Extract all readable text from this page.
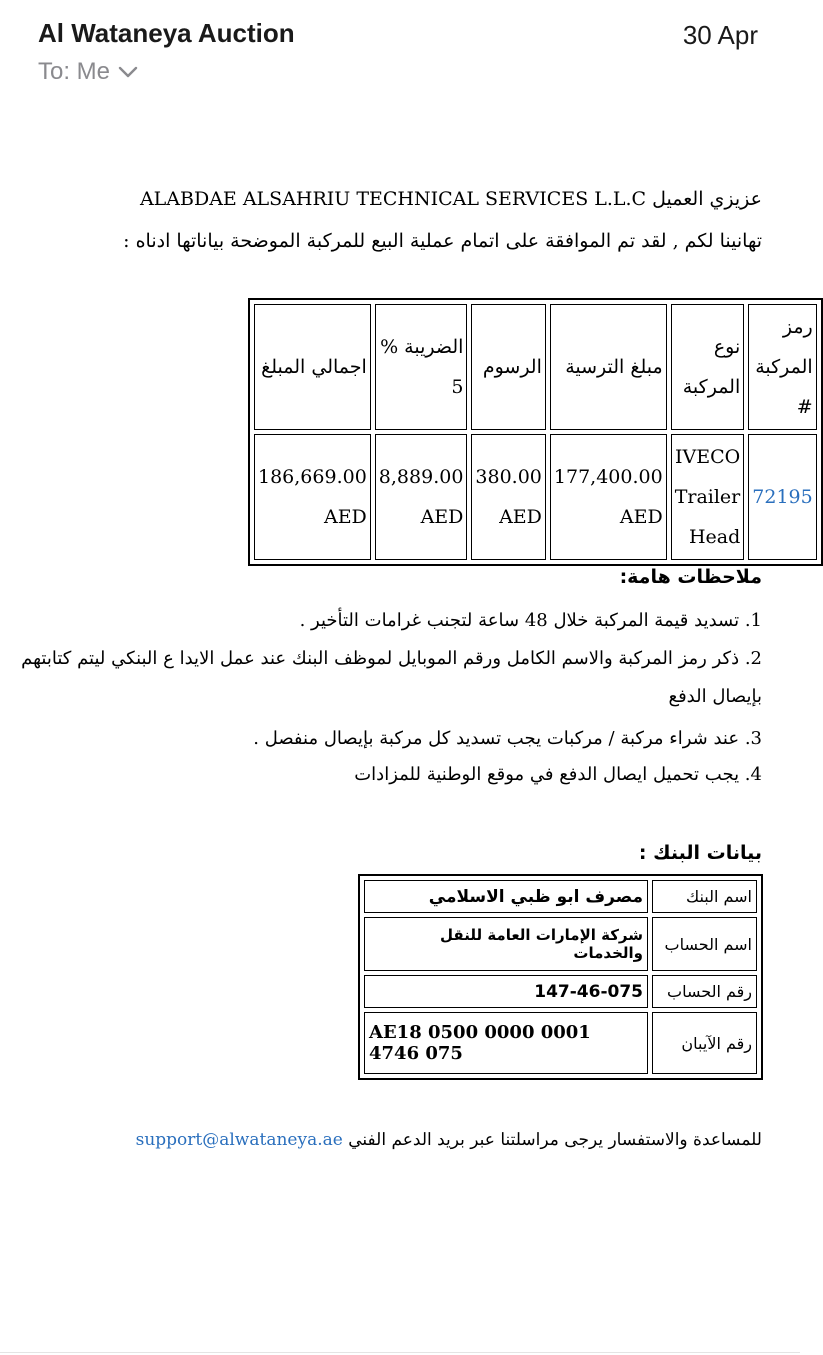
Al Wataneya Auction	30 Apr
To: Me
عزيزي العميل ALABDAE ALSAHRIU TECHNICAL SERVICES L.L.C
تهانينا لكم , لقد تم الموافقة على اتمام عملية البيع للمركبة الموضحة بياناتها ادناه :
رمز المركبة #	نوع المركبة	مبلغ الترسية	الرسوم	الضريبة % 5	اجمالي المبلغ
72195	IVECO Trailer Head	177,400.00 AED	380.00 AED	8,889.00 AED	186,669.00 AED
ملاحظات هامة:
1. تسديد قيمة المركبة خلال 48 ساعة لتجنب غرامات التأخير .
2. ذكر رمز المركبة والاسم الكامل ورقم الموبايل لموظف البنك عند عمل الايدا ع البنكي ليتم كتابتهم
بإيصال الدفع
3. عند شراء مركبة / مركبات يجب تسديد كل مركبة بإيصال منفصل .
4. يجب تحميل ايصال الدفع في موقع الوطنية للمزادات
بيانات البنك :
اسم البنك	مصرف ابو ظبي الاسلامي
اسم الحساب	شركة الإمارات العامة للنقل والخدمات
رقم الحساب	147-46-075
رقم الآيبان	AE18 0500 0000 0001 4746 075
للمساعدة والاستفسار يرجى مراسلتنا عبر بريد الدعم الفني support@alwataneya.ae
